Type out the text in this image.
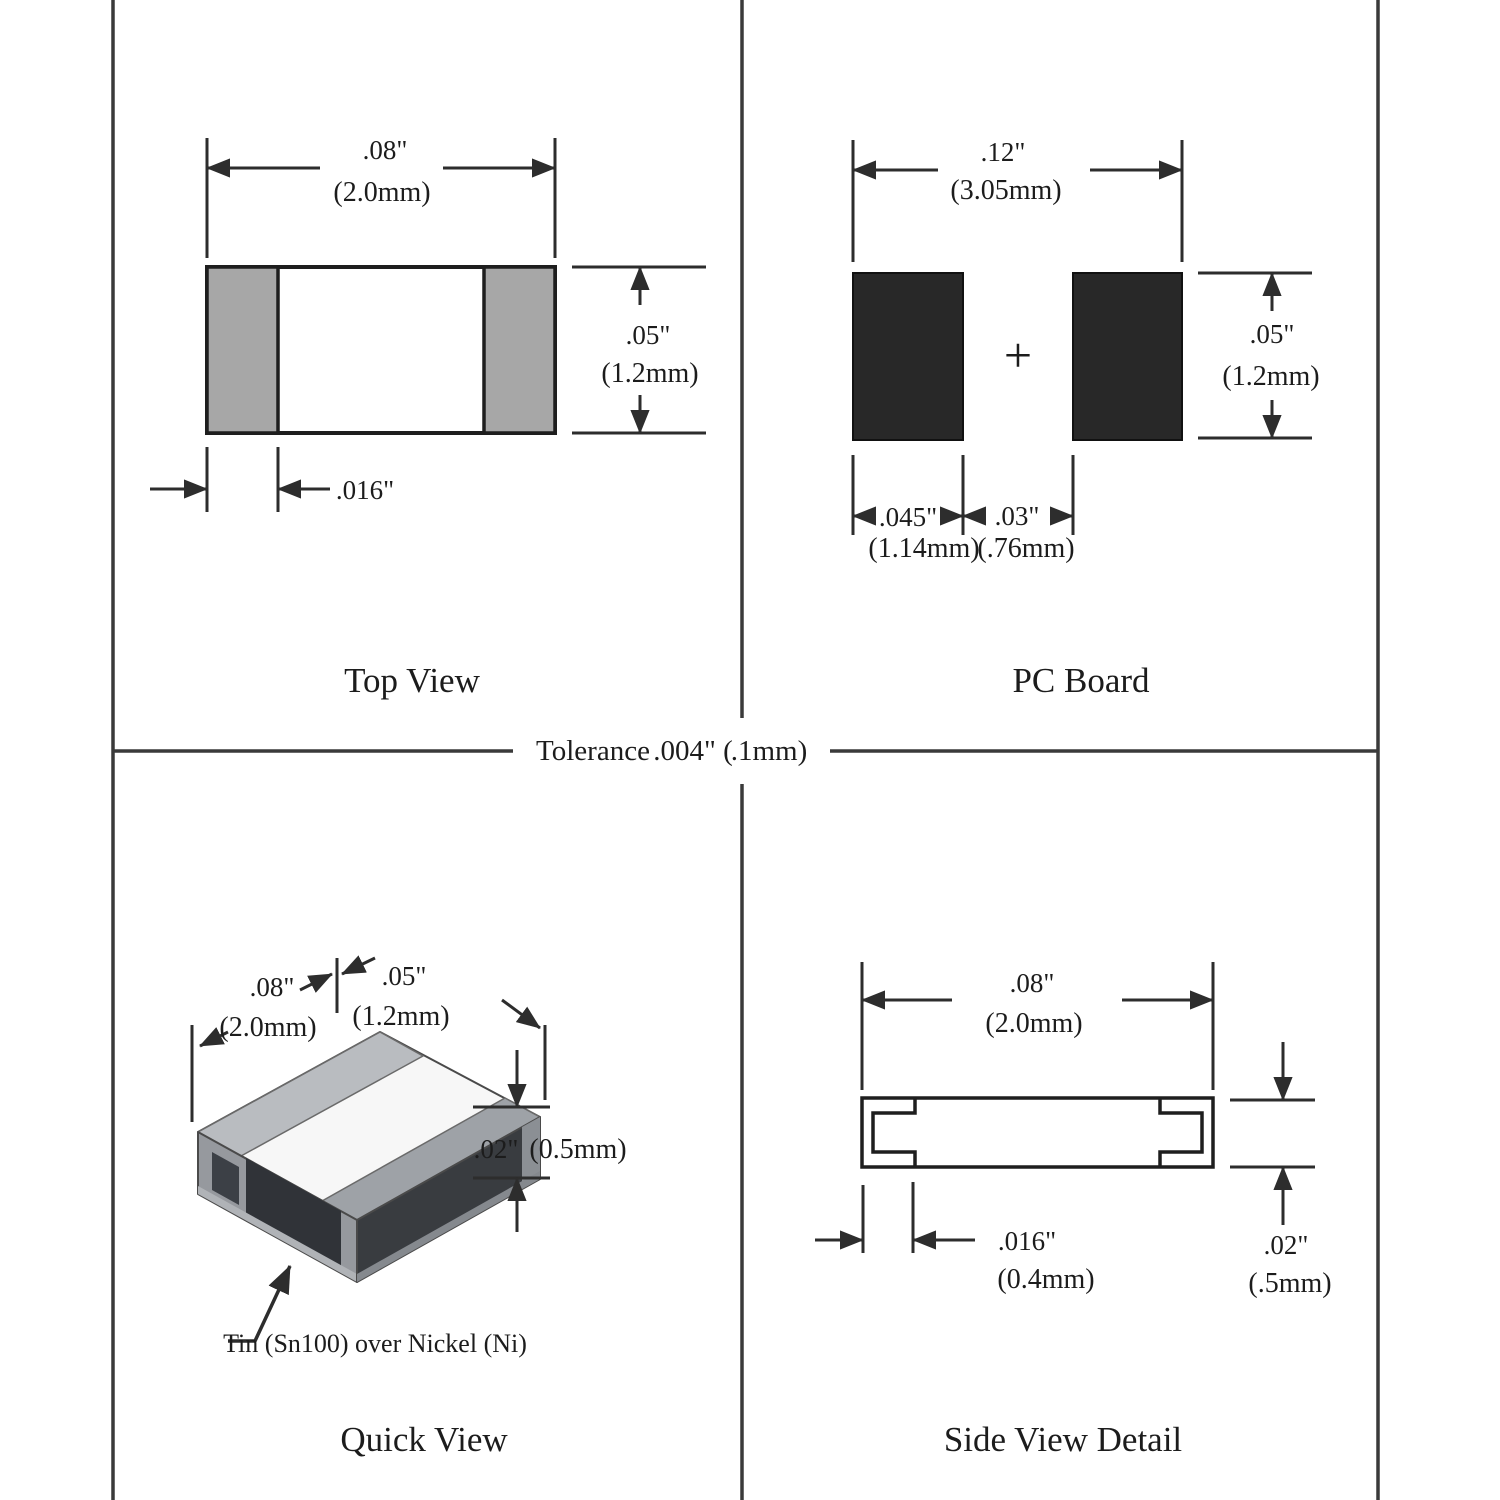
Tolerance .004" (
.1mm)
.08"
(2.0mm)
.05"
(1.2mm)
.016"
Top View
+
.12"
(3.05mm)
.05"
(1.2mm)
.045" .03"
(1.14mm)
(.76mm)
PC Board
.08"
(2.0mm)
.05"
(1.2mm)
.02" (0.5mm)
Tin (Sn100) over Nickel (Ni)
Quick View
.08"
(2.0mm)
.016"
(0.4mm)
.02"
(.5mm)
Side View Detail
